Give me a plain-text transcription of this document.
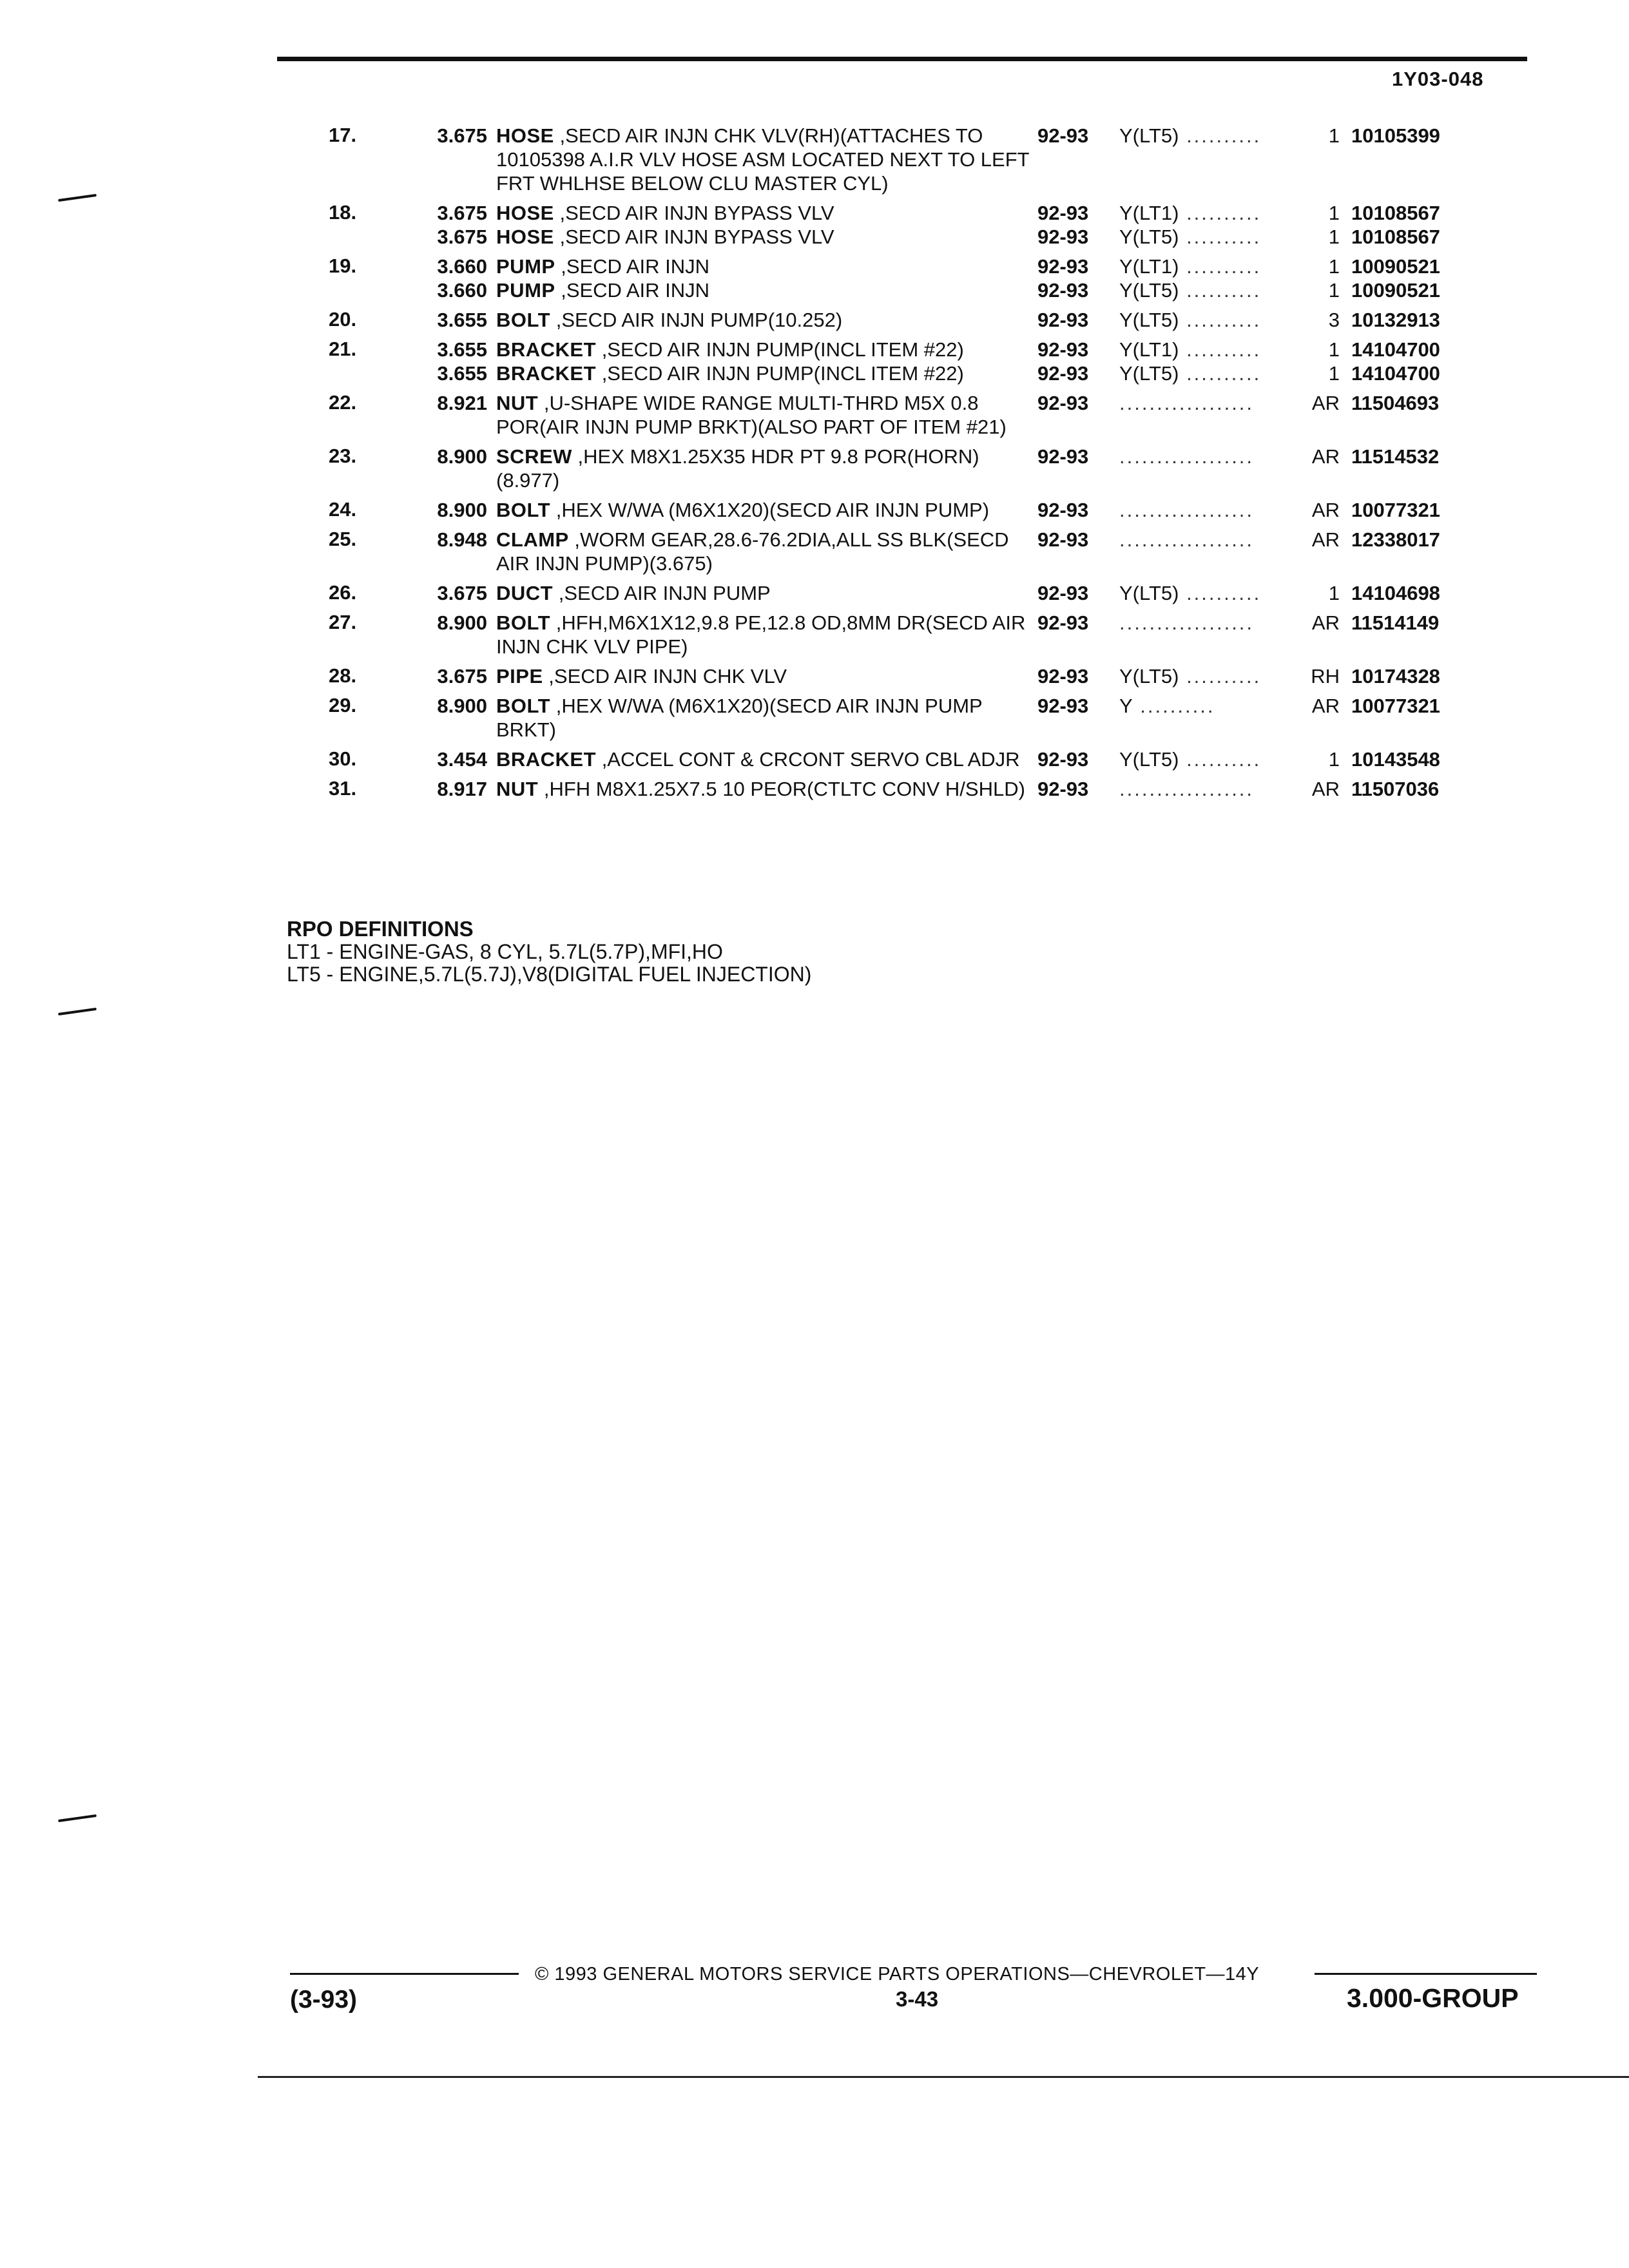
1Y03-048
17.	3.675	HOSE ,SECD AIR INJN CHK VLV(RH)(ATTACHES TO 10105398 A.I.R VLV HOSE ASM LOCATED NEXT TO LEFT FRT WHLHSE BELOW CLU MASTER CYL)	92-93	Y(LT5) ..........	1	10105399
18.	3.675	HOSE ,SECD AIR INJN BYPASS VLV	92-93	Y(LT1) ..........	1	10108567
	3.675	HOSE ,SECD AIR INJN BYPASS VLV	92-93	Y(LT5) ..........	1	10108567
19.	3.660	PUMP ,SECD AIR INJN	92-93	Y(LT1) ..........	1	10090521
	3.660	PUMP ,SECD AIR INJN	92-93	Y(LT5) ..........	1	10090521
20.	3.655	BOLT ,SECD AIR INJN PUMP(10.252)	92-93	Y(LT5) ..........	3	10132913
21.	3.655	BRACKET ,SECD AIR INJN PUMP(INCL ITEM #22)	92-93	Y(LT1) ..........	1	14104700
	3.655	BRACKET ,SECD AIR INJN PUMP(INCL ITEM #22)	92-93	Y(LT5) ..........	1	14104700
22.	8.921	NUT ,U-SHAPE WIDE RANGE MULTI-THRD M5X 0.8 POR(AIR INJN PUMP BRKT)(ALSO PART OF ITEM #21)	92-93	..................	AR	11504693
23.	8.900	SCREW ,HEX M8X1.25X35 HDR PT 9.8 POR(HORN)(8.977)	92-93	..................	AR	11514532
24.	8.900	BOLT ,HEX W/WA (M6X1X20)(SECD AIR INJN PUMP)	92-93	..................	AR	10077321
25.	8.948	CLAMP ,WORM GEAR,28.6-76.2DIA,ALL SS BLK(SECD AIR INJN PUMP)(3.675)	92-93	..................	AR	12338017
26.	3.675	DUCT ,SECD AIR INJN PUMP	92-93	Y(LT5) ..........	1	14104698
27.	8.900	BOLT ,HFH,M6X1X12,9.8 PE,12.8 OD,8MM DR(SECD AIR INJN CHK VLV PIPE)	92-93	..................	AR	11514149
28.	3.675	PIPE ,SECD AIR INJN CHK VLV	92-93	Y(LT5) ..........	RH	10174328
29.	8.900	BOLT ,HEX W/WA (M6X1X20)(SECD AIR INJN PUMP BRKT)	92-93	Y ..........	AR	10077321
30.	3.454	BRACKET ,ACCEL CONT & CRCONT SERVO CBL ADJR	92-93	Y(LT5) ..........	1	10143548
31.	8.917	NUT ,HFH M8X1.25X7.5 10 PEOR(CTLTC CONV H/SHLD)	92-93	..................	AR	11507036
RPO DEFINITIONS
LT1 - ENGINE-GAS, 8 CYL, 5.7L(5.7P),MFI,HO
LT5 - ENGINE,5.7L(5.7J),V8(DIGITAL FUEL INJECTION)
© 1993 GENERAL MOTORS SERVICE PARTS OPERATIONS—CHEVROLET—14Y
(3-93)	3-43	3.000-GROUP
